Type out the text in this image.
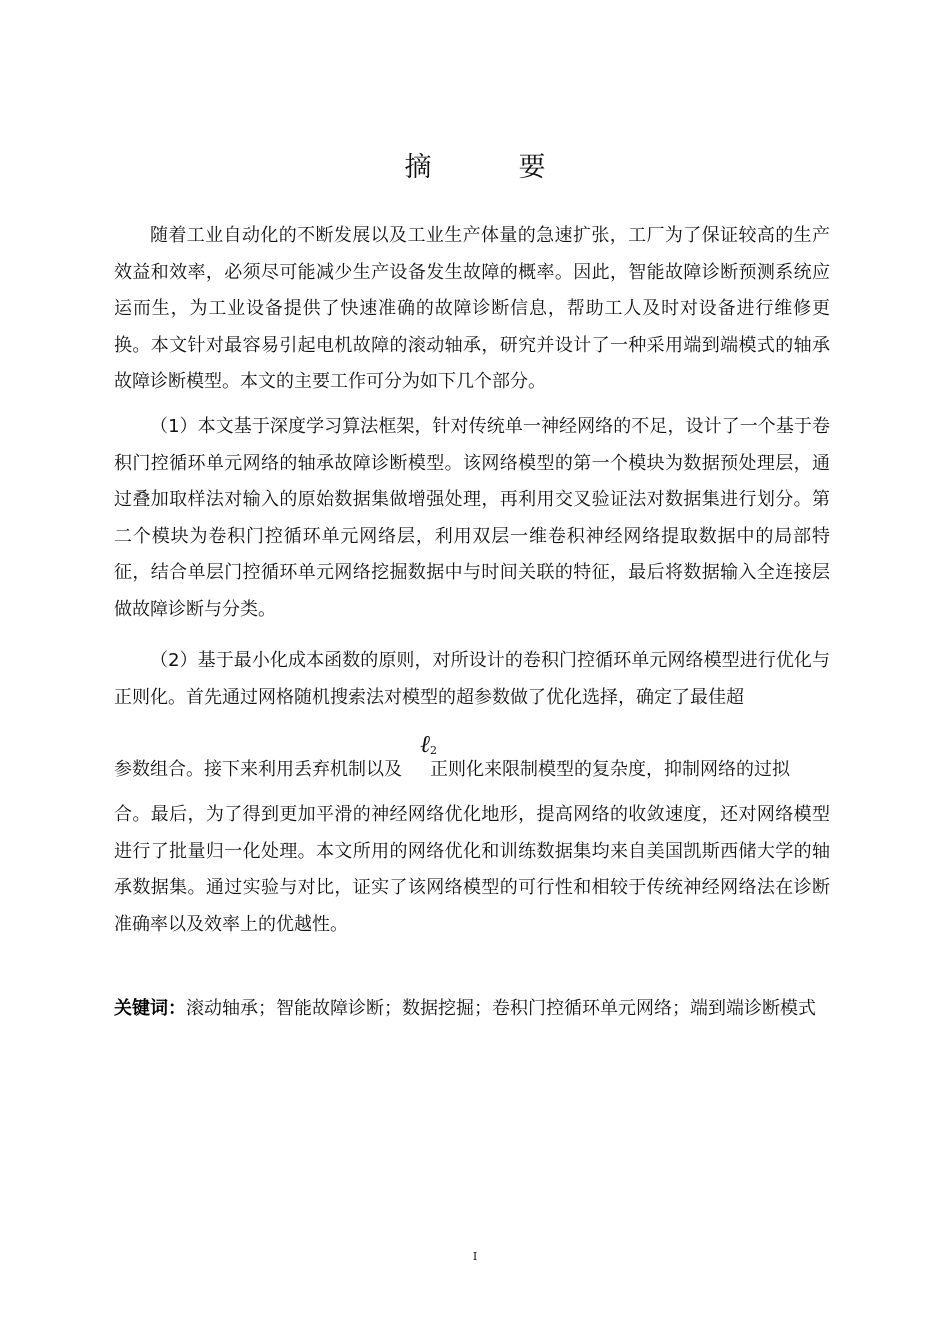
摘　要

随着工业自动化的不断发展以及工业生产体量的急速扩张，工厂为了保证较高的生产效益和效率，必须尽可能减少生产设备发生故障的概率。因此，智能故障诊断预测系统应运而生，为工业设备提供了快速准确的故障诊断信息，帮助工人及时对设备进行维修更换。本文针对最容易引起电机故障的滚动轴承，研究并设计了一种采用端到端模式的轴承故障诊断模型。本文的主要工作可分为如下几个部分。

（1）本文基于深度学习算法框架，针对传统单一神经网络的不足，设计了一个基于卷积门控循环单元网络的轴承故障诊断模型。该网络模型的第一个模块为数据预处理层，通过叠加取样法对输入的原始数据集做增强处理，再利用交叉验证法对数据集进行划分。第二个模块为卷积门控循环单元网络层，利用双层一维卷积神经网络提取数据中的局部特征，结合单层门控循环单元网络挖掘数据中与时间关联的特征，最后将数据输入全连接层做故障诊断与分类。

（2）基于最小化成本函数的原则，对所设计的卷积门控循环单元网络模型进行优化与正则化。首先通过网格随机搜索法对模型的超参数做了优化选择，确定了最佳超

参数组合。接下来利用丢弃机制以及 正则化来限制模型的复杂度，抑制网络的过拟

ℓ$_2$

合。最后，为了得到更加平滑的神经网络优化地形，提高网络的收敛速度，还对网络模型进行了批量归一化处理。本文所用的网络优化和训练数据集均来自美国凯斯西储大学的轴承数据集。通过实验与对比，证实了该网络模型的可行性和相较于传统神经网络法在诊断准确率以及效率上的优越性。

关键词：滚动轴承；智能故障诊断；数据挖掘；卷积门控循环单元网络；端到端诊断模式
I
